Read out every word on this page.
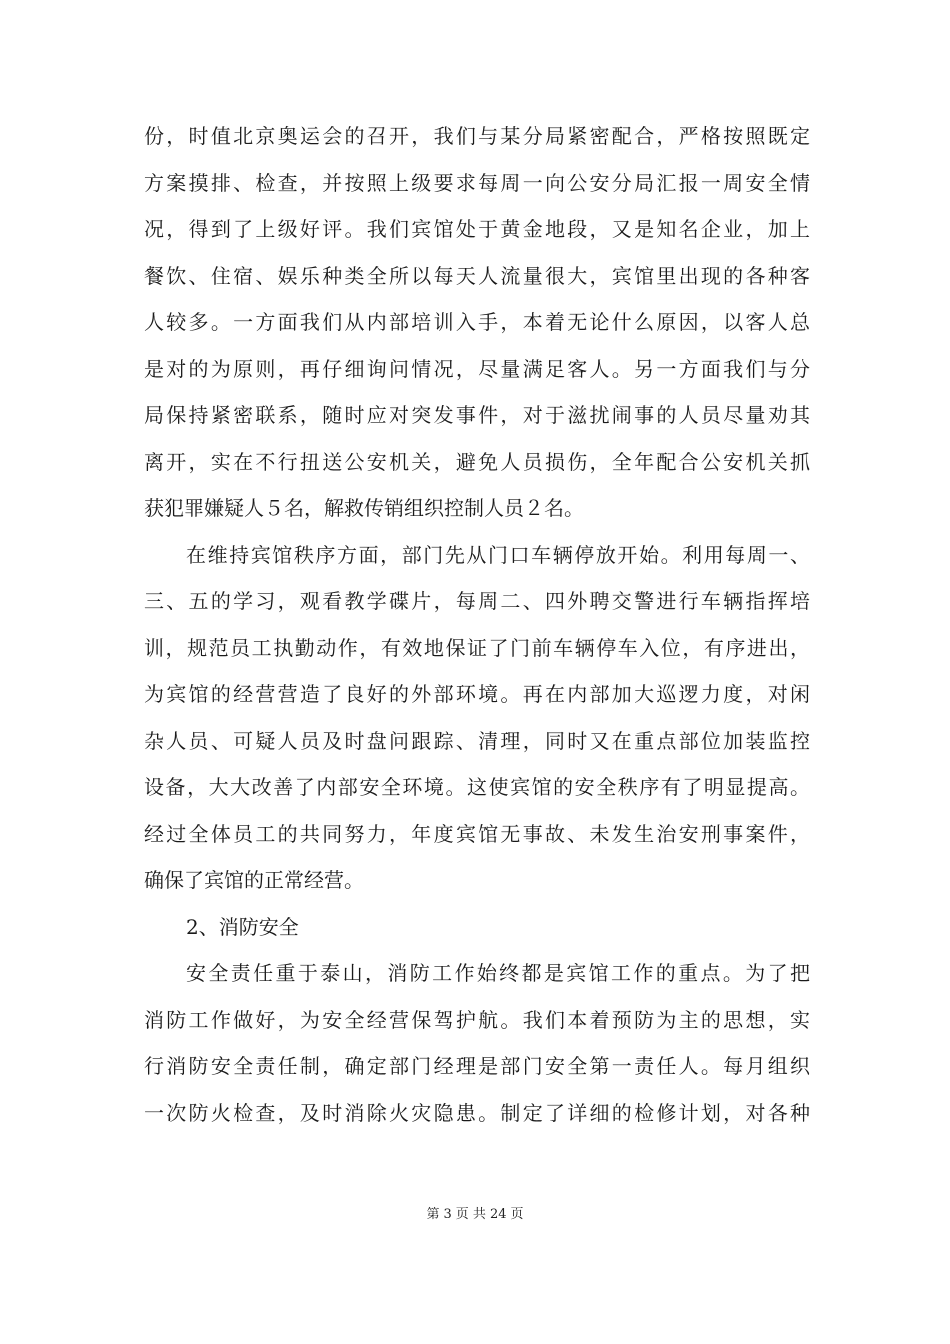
份，时值北京奥运会的召开，我们与某分局紧密配合，严格按照既定
方案摸排、检查，并按照上级要求每周一向公安分局汇报一周安全情
况，得到了上级好评。我们宾馆处于黄金地段，又是知名企业，加上
餐饮、住宿、娱乐种类全所以每天人流量很大，宾馆里出现的各种客
人较多。一方面我们从内部培训入手，本着无论什么原因，以客人总
是对的为原则，再仔细询问情况，尽量满足客人。另一方面我们与分
局保持紧密联系，随时应对突发事件，对于滋扰闹事的人员尽量劝其
离开，实在不行扭送公安机关，避免人员损伤，全年配合公安机关抓
获犯罪嫌疑人５名，解救传销组织控制人员２名。
在维持宾馆秩序方面，部门先从门口车辆停放开始。利用每周一、
三、五的学习，观看教学碟片，每周二、四外聘交警进行车辆指挥培
训，规范员工执勤动作，有效地保证了门前车辆停车入位，有序进出，
为宾馆的经营营造了良好的外部环境。再在内部加大巡逻力度，对闲
杂人员、可疑人员及时盘问跟踪、清理，同时又在重点部位加装监控
设备，大大改善了内部安全环境。这使宾馆的安全秩序有了明显提高。
经过全体员工的共同努力，年度宾馆无事故、未发生治安刑事案件，
确保了宾馆的正常经营。
2、消防安全
安全责任重于泰山，消防工作始终都是宾馆工作的重点。为了把
消防工作做好，为安全经营保驾护航。我们本着预防为主的思想，实
行消防安全责任制，确定部门经理是部门安全第一责任人。每月组织
一次防火检查，及时消除火灾隐患。制定了详细的检修计划，对各种
第 3 页 共 24 页
